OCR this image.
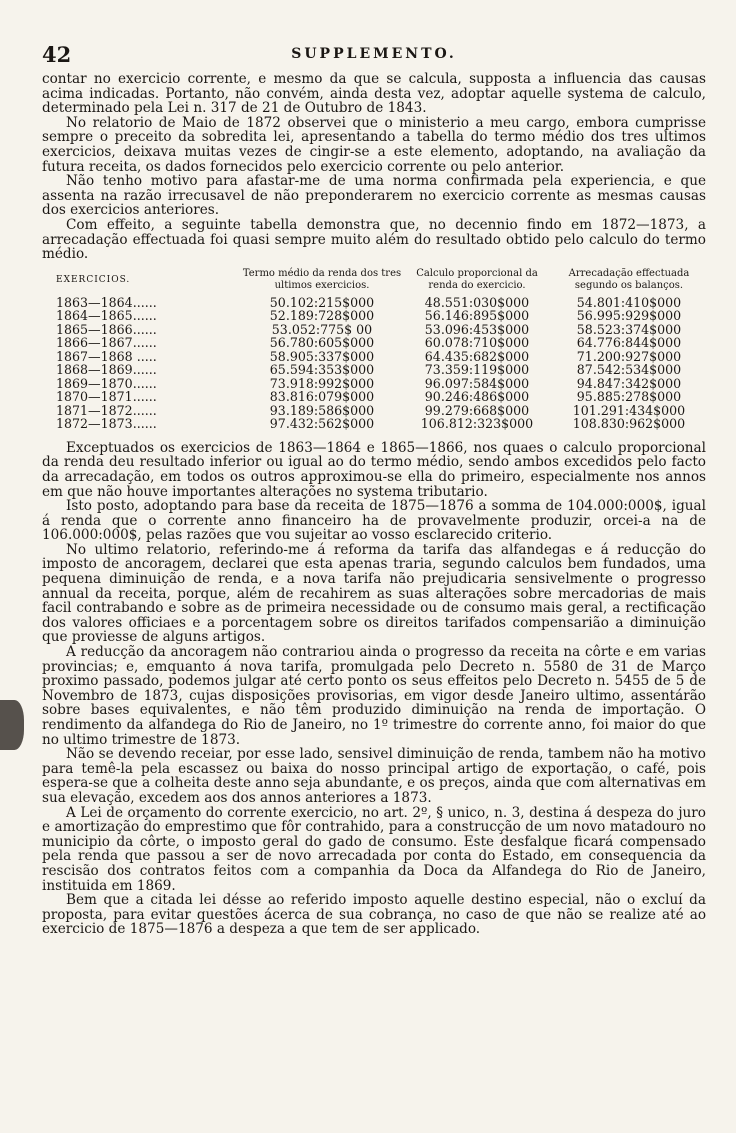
42	SUPPLEMENTO.

contar no exercicio corrente, e mesmo da que se calcula, supposta a influencia das causas acima indicadas. Portanto, não convém, ainda desta vez, adoptar aquelle systema de calculo, determinado pela Lei n. 317 de 21 de Outubro de 1843.

No relatorio de Maio de 1872 observei que o ministerio a meu cargo, embora cumprisse sempre o preceito da sobredita lei, apresentando a tabella do termo médio dos tres ultimos exercicios, deixava muitas vezes de cingir-se a este elemento, adoptando, na avaliação da futura receita, os dados fornecidos pelo exercicio corrente ou pelo anterior.

Não tenho motivo para afastar-me de uma norma confirmada pela experiencia, e que assenta na razão irrecusavel de não preponderarem no exercicio corrente as mesmas causas dos exercicios anteriores.

Com effeito, a seguinte tabella demonstra que, no decennio findo em 1872—1873, a arrecadação effectuada foi quasi sempre muito além do resultado obtido pelo calculo do termo médio.

EXERCICIOS.
Termo médio da renda dos tres ultimos exercicios.
Calculo proporcional da renda do exercicio.
Arrecadação effectuada segundo os balanços.
1863—1864......	50.102:215$000	48.551:030$000	54.801:410$000
1864—1865......	52.189:728$000	56.146:895$000	56.995:929$000
1865—1866......	53.052:775$ 00	53.096:453$000	58.523:374$000
1866—1867......	56.780:605$000	60.078:710$000	64.776:844$000
1867—1868 .....	58.905:337$000	64.435:682$000	71.200:927$000
1868—1869......	65.594:353$000	73.359:119$000	87.542:534$000
1869—1870......	73.918:992$000	96.097:584$000	94.847:342$000
1870—1871......	83.816:079$000	90.246:486$000	95.885:278$000
1871—1872......	93.189:586$000	99.279:668$000	101.291:434$000
1872—1873......	97.432:562$000	106.812:323$000	108.830:962$000

Exceptuados os exercicios de 1863—1864 e 1865—1866, nos quaes o calculo proporcional da renda deu resultado inferior ou igual ao do termo médio, sendo ambos excedidos pelo facto da arrecadação, em todos os outros approximou-se ella do primeiro, especialmente nos annos em que não houve importantes alterações no systema tributario.

Isto posto, adoptando para base da receita de 1875—1876 a somma de 104.000:000$, igual á renda que o corrente anno financeiro ha de provavelmente produzir, orcei-a na de 106.000:000$, pelas razões que vou sujeitar ao vosso esclarecido criterio.

No ultimo relatorio, referindo-me á reforma da tarifa das alfandegas e á reducção do imposto de ancoragem, declarei que esta apenas traria, segundo calculos bem fundados, uma pequena diminuição de renda, e a nova tarifa não prejudicaria sensivelmente o progresso annual da receita, porque, além de recahirem as suas alterações sobre mercadorias de mais facil contrabando e sobre as de primeira necessidade ou de consumo mais geral, a rectificação dos valores officiaes e a porcentagem sobre os direitos tarifados compensarião a diminuição que proviesse de alguns artigos.

A reducção da ancoragem não contrariou ainda o progresso da receita na côrte e em varias provincias; e, emquanto á nova tarifa, promulgada pelo Decreto n. 5580 de 31 de Março proximo passado, podemos julgar até certo ponto os seus effeitos pelo Decreto n. 5455 de 5 de Novembro de 1873, cujas disposições provisorias, em vigor desde Janeiro ultimo, assentárão sobre bases equivalentes, e não têm produzido diminuição na renda de importação. O rendimento da alfandega do Rio de Janeiro, no 1º trimestre do corrente anno, foi maior do que no ultimo trimestre de 1873.

Não se devendo receiar, por esse lado, sensivel diminuição de renda, tambem não ha motivo para temê-la pela escassez ou baixa do nosso principal artigo de exportação, o café, pois espera-se que a colheita deste anno seja abundante, e os preços, ainda que com alternativas em sua elevação, excedem aos dos annos anteriores a 1873.

A Lei de orçamento do corrente exercicio, no art. 2º, § unico, n. 3, destina á despeza do juro e amortização do emprestimo que fôr contrahido, para a construcção de um novo matadouro no municipio da côrte, o imposto geral do gado de consumo. Este desfalque ficará compensado pela renda que passou a ser de novo arrecadada por conta do Estado, em consequencia da rescisão dos contratos feitos com a companhia da Doca da Alfandega do Rio de Janeiro, instituida em 1869.

Bem que a citada lei désse ao referido imposto aquelle destino especial, não o excluí da proposta, para evitar questões ácerca de sua cobrança, no caso de que não se realize até ao exercicio de 1875—1876 a despeza a que tem de ser applicado.
